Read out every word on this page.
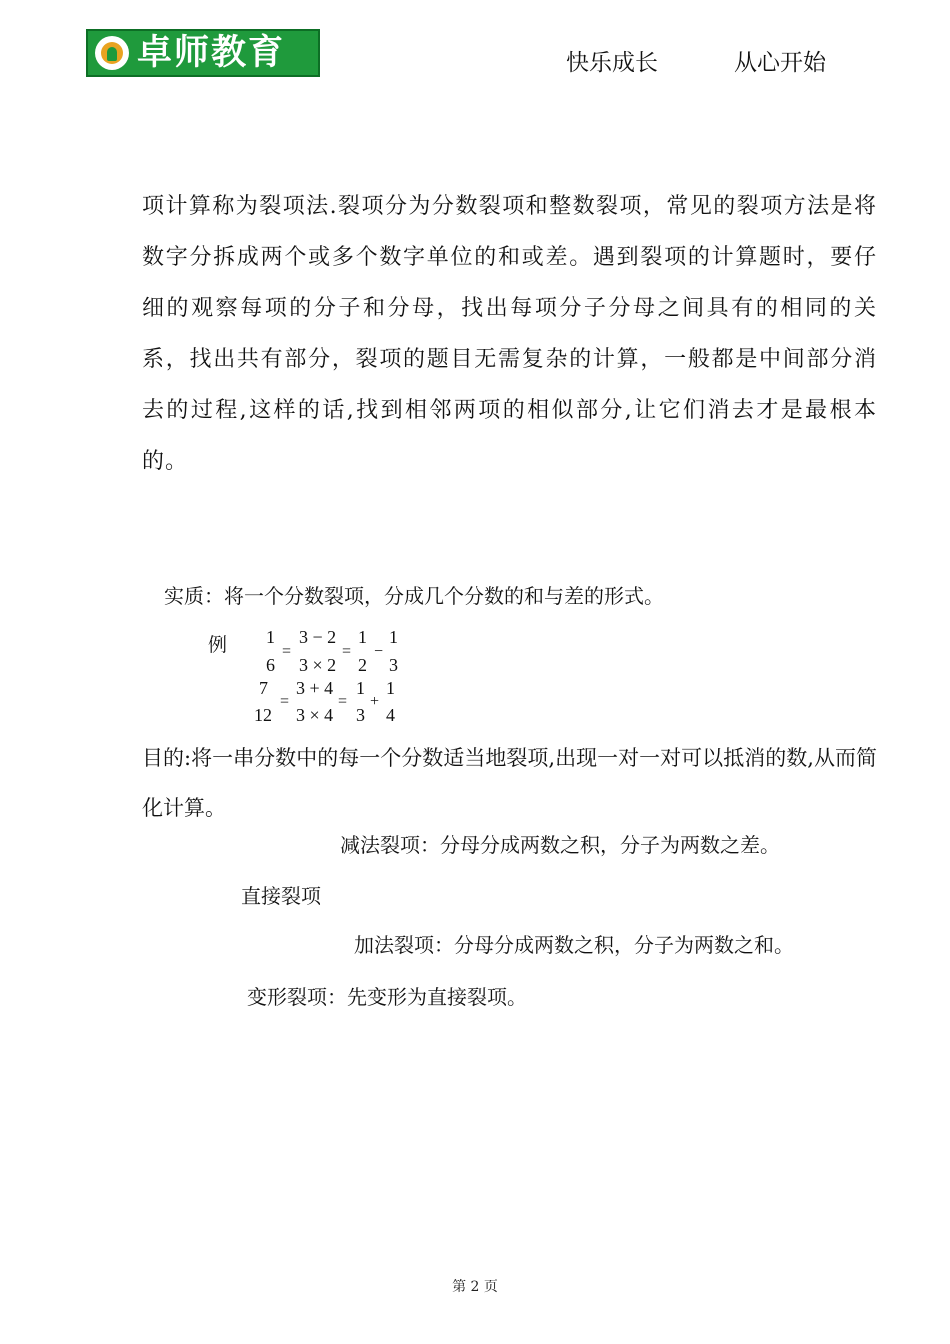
卓师教育	快乐成长	从心开始
项计算称为裂项法.裂项分为分数裂项和整数裂项，常见的裂项方法是将数字分拆成两个或多个数字单位的和或差。遇到裂项的计算题时，要仔细的观察每项的分子和分母，找出每项分子分母之间具有的相同的关系，找出共有部分，裂项的题目无需复杂的计算，一般都是中间部分消去的过程,这样的话,找到相邻两项的相似部分,让它们消去才是最根本的。
实质：将一个分数裂项，分成几个分数的和与差的形式。
例 1
6
=
3 − 2
3 × 2
=
1
2
−
1
3
7
12
=
3 + 4
3 × 4
=
1
3
+
1
4
目的:将一串分数中的每一个分数适当地裂项,出现一对一对可以抵消的数,从而简化计算。
减法裂项：分母分成两数之积，分子为两数之差。
直接裂项
加法裂项：分母分成两数之积，分子为两数之和。
变形裂项：先变形为直接裂项。
第 2 页
